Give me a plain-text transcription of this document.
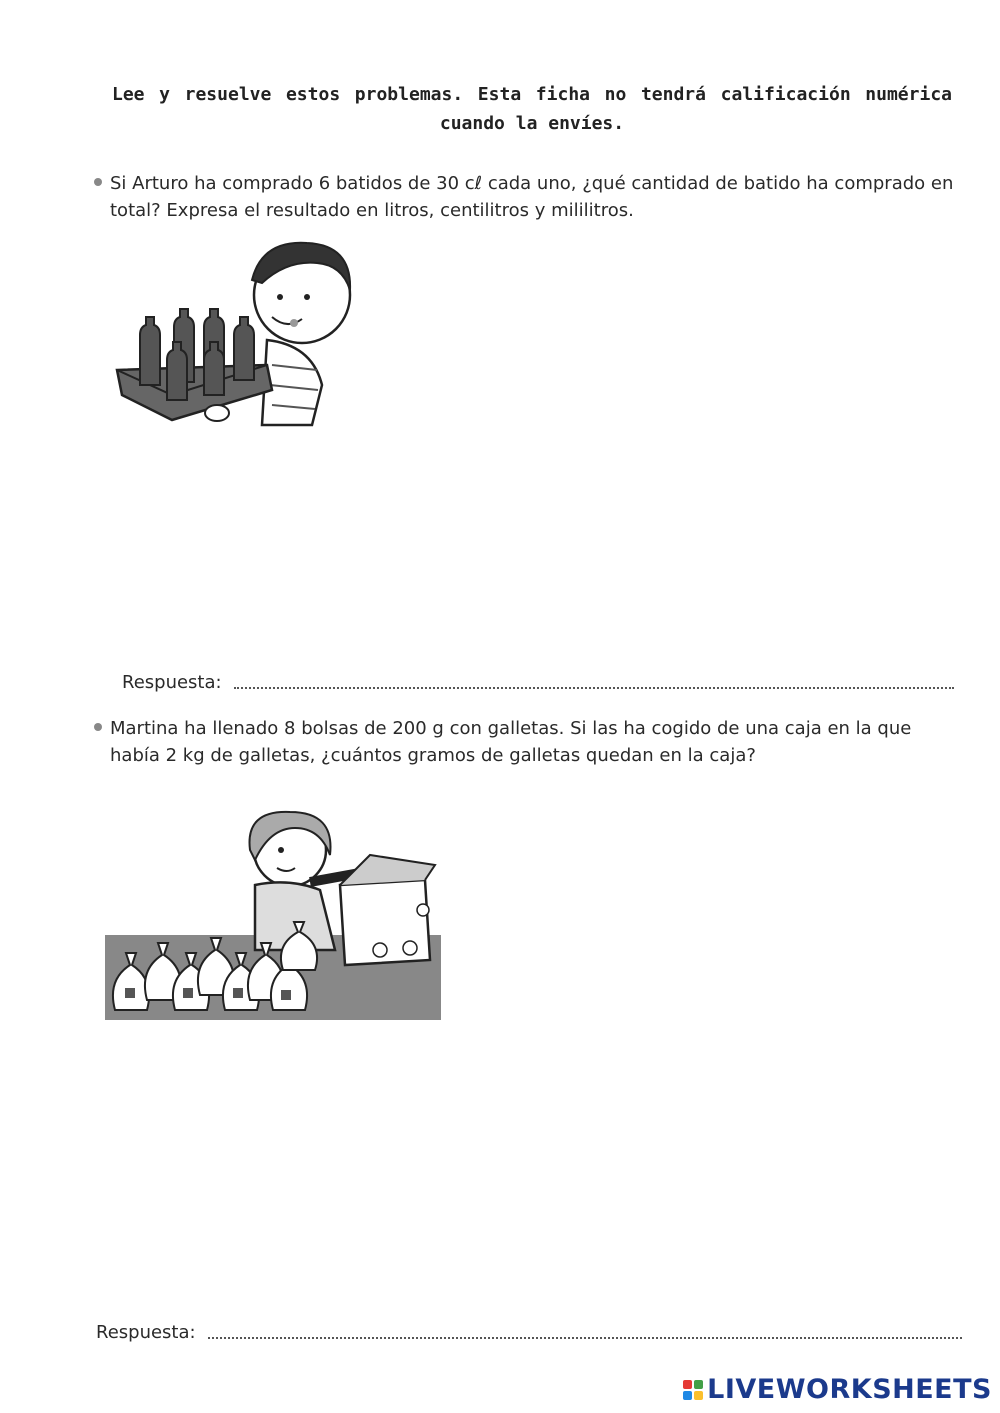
Lee y resuelve estos problemas. Esta ficha no tendrá calificación numérica cuando la envíes.
Si Arturo ha comprado 6 batidos de 30 cℓ cada uno, ¿qué cantidad de batido ha comprado en total? Expresa el resultado en litros, centilitros y mililitros.
Respuesta:
Martina ha llenado 8 bolsas de 200 g con galletas. Si las ha cogido de una caja en la que había 2 kg de galletas, ¿cuántos gramos de galletas quedan en la caja?
Respuesta:
LIVEWORKSHEETS
